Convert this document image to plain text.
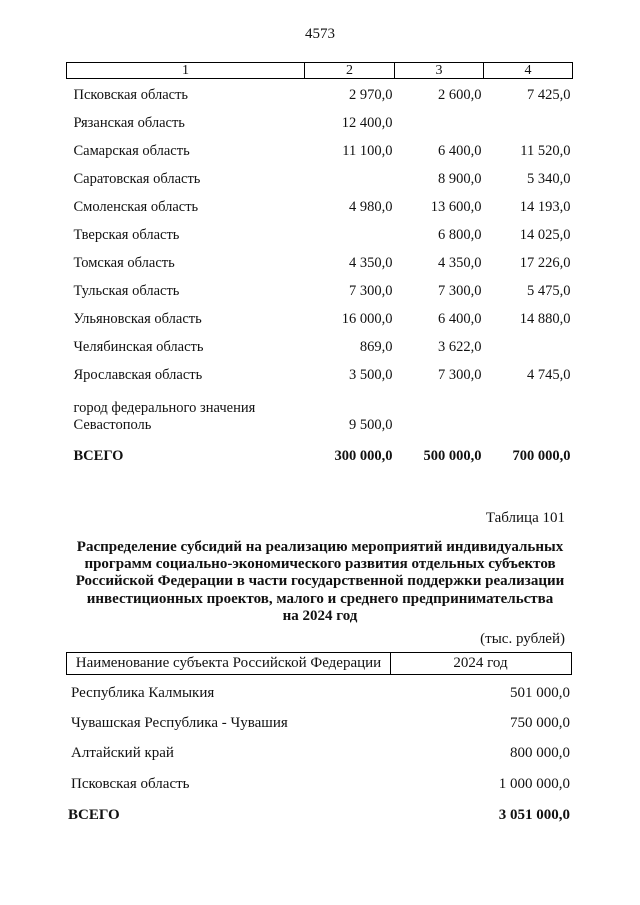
4573
1	2	3	4
Псковская область	2 970,0	2 600,0	7 425,0
Рязанская область	12 400,0		
Самарская область	11 100,0	6 400,0	11 520,0
Саратовская область		8 900,0	5 340,0
Смоленская область	4 980,0	13 600,0	14 193,0
Тверская область		6 800,0	14 025,0
Томская область	4 350,0	4 350,0	17 226,0
Тульская область	7 300,0	7 300,0	5 475,0
Ульяновская область	16 000,0	6 400,0	14 880,0
Челябинская область	869,0	3 622,0	
Ярославская область	3 500,0	7 300,0	4 745,0

город федерального значения
Севастополь	9 500,0		
ВСЕГО	300 000,0	500 000,0	700 000,0
Таблица 101
Распределение субсидий на реализацию мероприятий индивидуальных
программ социально-экономического развития отдельных субъектов
Российской Федерации в части государственной поддержки реализации
инвестиционных проектов, малого и среднего предпринимательства
на 2024 год
(тыс. рублей)
Наименование субъекта Российской Федерации	2024 год
Республика Калмыкия	501 000,0
Чувашская Республика - Чувашия	750 000,0
Алтайский край	800 000,0
Псковская область	1 000 000,0
ВСЕГО	3 051 000,0
